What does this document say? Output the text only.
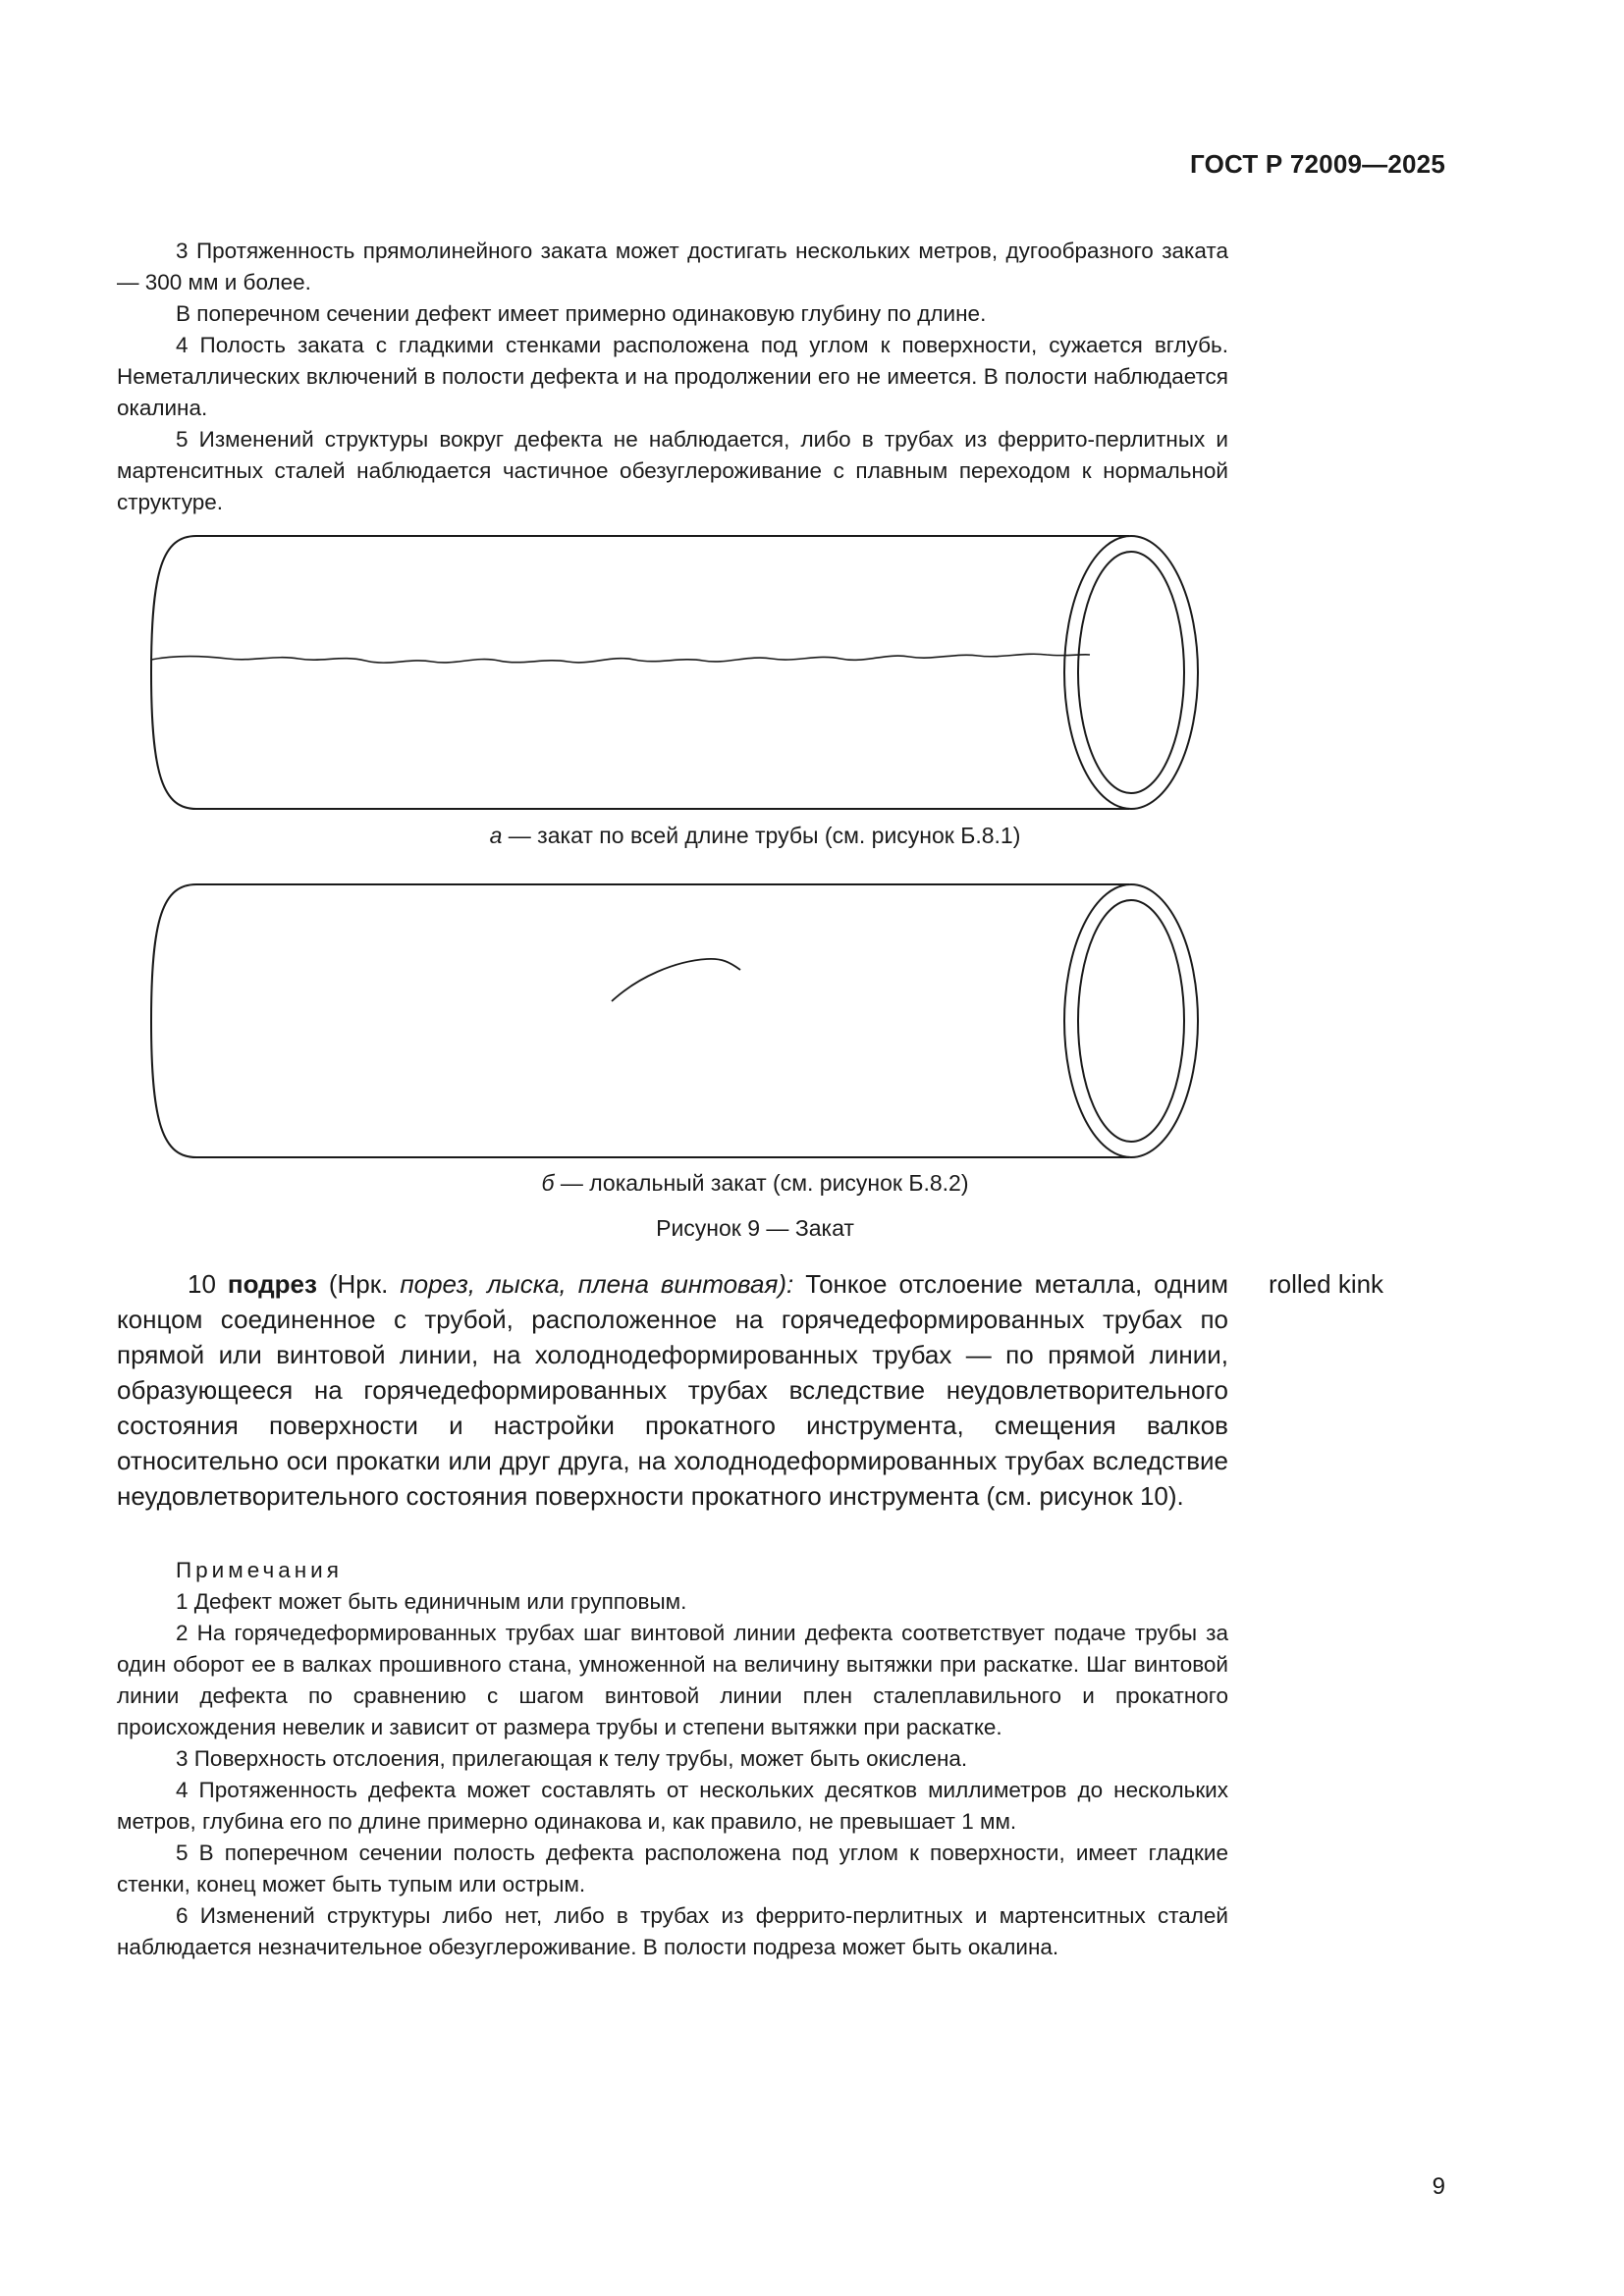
ГОСТ Р 72009—2025

3 Протяженность прямолинейного заката может достигать нескольких метров, дугообразного заката — 300 мм и более.

В поперечном сечении дефект имеет примерно одинаковую глубину по длине.

4 Полость заката с гладкими стенками расположена под углом к поверхности, сужается вглубь. Неметаллических включений в полости дефекта и на продолжении его не имеется. В полости наблюдается окалина.

5 Изменений структуры вокруг дефекта не наблюдается, либо в трубах из феррито-перлитных и мартенситных сталей наблюдается частичное обезуглероживание с плавным переходом к нормальной структуре.

а — закат по всей длине трубы (см. рисунок Б.8.1)
б — локальный закат (см. рисунок Б.8.2)
Рисунок 9 — Закат
10 подрез (Нрк. порез, лыска, плена винтовая): Тонкое отслоение металла, одним концом соединенное с трубой, расположенное на горячедеформированных трубах по прямой или винтовой линии, на холоднодеформированных трубах — по прямой линии, образующееся на горячедеформированных трубах вследствие неудовлетворительного состояния поверхности и настройки прокатного инструмента, смещения валков относительно оси прокатки или друг друга, на холоднодеформированных трубах вследствие неудовлетворительного состояния поверхности прокатного инструмента (см. рисунок 10).
rolled kink

Примечания

1 Дефект может быть единичным или групповым.

2 На горячедеформированных трубах шаг винтовой линии дефекта соответствует подаче трубы за один оборот ее в валках прошивного стана, умноженной на величину вытяжки при раскатке. Шаг винтовой линии дефекта по сравнению с шагом винтовой линии плен сталеплавильного и прокатного происхождения невелик и зависит от размера трубы и степени вытяжки при раскатке.

3 Поверхность отслоения, прилегающая к телу трубы, может быть окислена.

4 Протяженность дефекта может составлять от нескольких десятков миллиметров до нескольких метров, глубина его по длине примерно одинакова и, как правило, не превышает 1 мм.

5 В поперечном сечении полость дефекта расположена под углом к поверхности, имеет гладкие стенки, конец может быть тупым или острым.

6 Изменений структуры либо нет, либо в трубах из феррито-перлитных и мартенситных сталей наблюдается незначительное обезуглероживание. В полости подреза может быть окалина.

9
